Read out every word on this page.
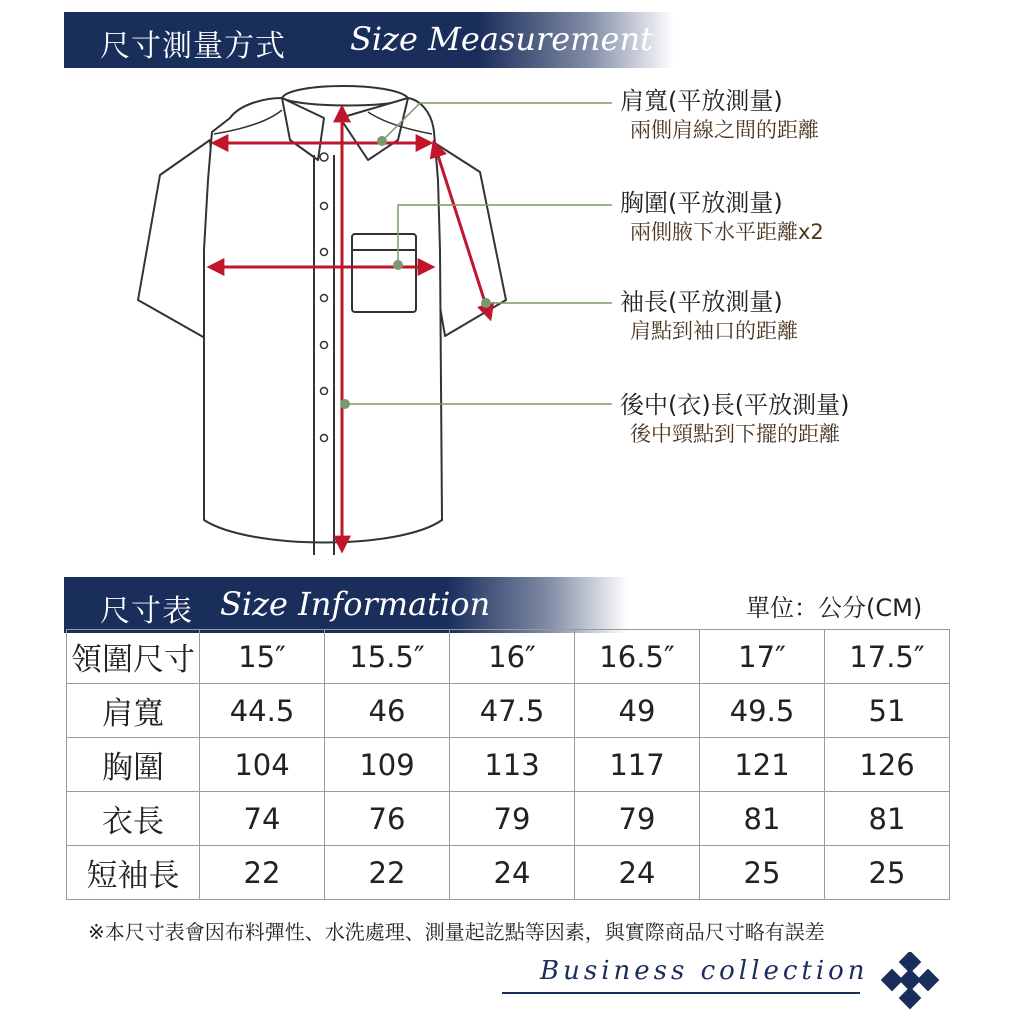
尺寸測量方式 Size Measurement
肩寬(平放測量)
兩側肩線之間的距離
胸圍(平放測量)
兩側腋下水平距離x2
袖長(平放測量)
肩點到袖口的距離
後中(衣)長(平放測量)
後中頸點到下擺的距離
尺寸表 Size Information	單位：公分(CM)
領圍尺寸	15″	15.5″	16″	16.5″	17″	17.5″
肩寬	44.5	46	47.5	49	49.5	51
胸圍	104	109	113	117	121	126
衣長	74	76	79	79	81	81
短袖長	22	22	24	24	25	25
※本尺寸表會因布料彈性、水洗處理、測量起訖點等因素，與實際商品尺寸略有誤差
Business collection
